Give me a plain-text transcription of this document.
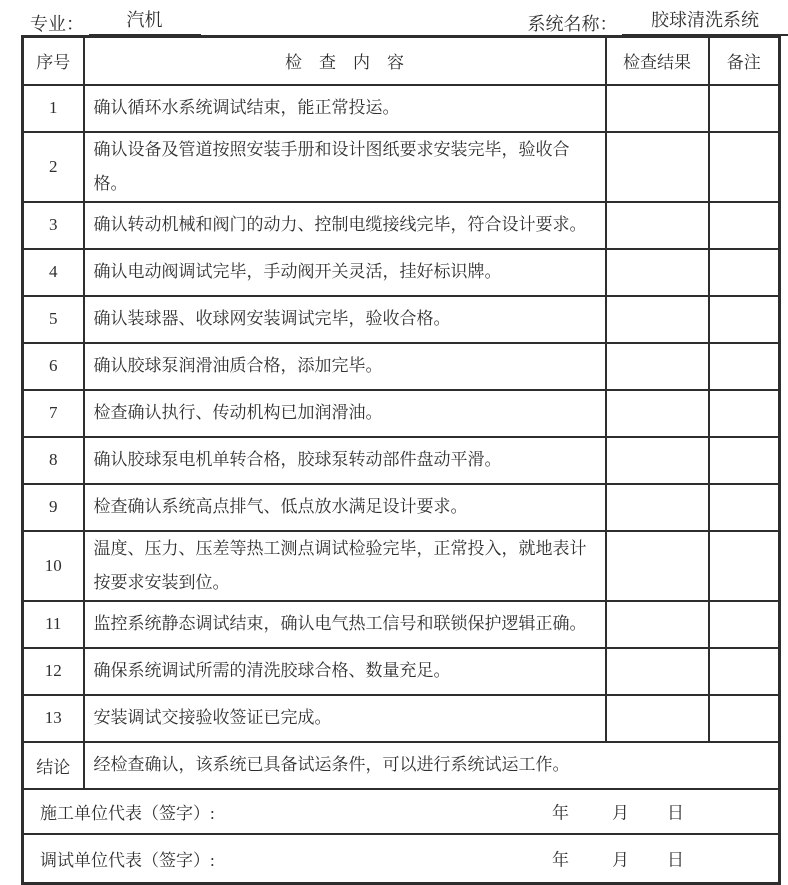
专业： 汽机	系统名称： 胶球清洗系统
序号	检 查 内 容	检查结果	备注
1	确认循环水系统调试结束，能正常投运。		
2	确认设备及管道按照安装手册和设计图纸要求安装完毕，验收合格。		
3	确认转动机械和阀门的动力、控制电缆接线完毕，符合设计要求。		
4	确认电动阀调试完毕，手动阀开关灵活，挂好标识牌。		
5	确认装球器、收球网安装调试完毕，验收合格。		
6	确认胶球泵润滑油质合格，添加完毕。		
7	检查确认执行、传动机构已加润滑油。		
8	确认胶球泵电机单转合格，胶球泵转动部件盘动平滑。		
9	检查确认系统高点排气、低点放水满足设计要求。		
10	温度、压力、压差等热工测点调试检验完毕，正常投入，就地表计按要求安装到位。		
11	监控系统静态调试结束，确认电气热工信号和联锁保护逻辑正确。		
12	确保系统调试所需的清洗胶球合格、数量充足。		
13	安装调试交接验收签证已完成。		
结论	经检查确认，该系统已具备试运条件，可以进行系统试运工作。		
施工单位代表（签字）: 年 月 日			

调试单位代表（签字）: 年 月 日			
